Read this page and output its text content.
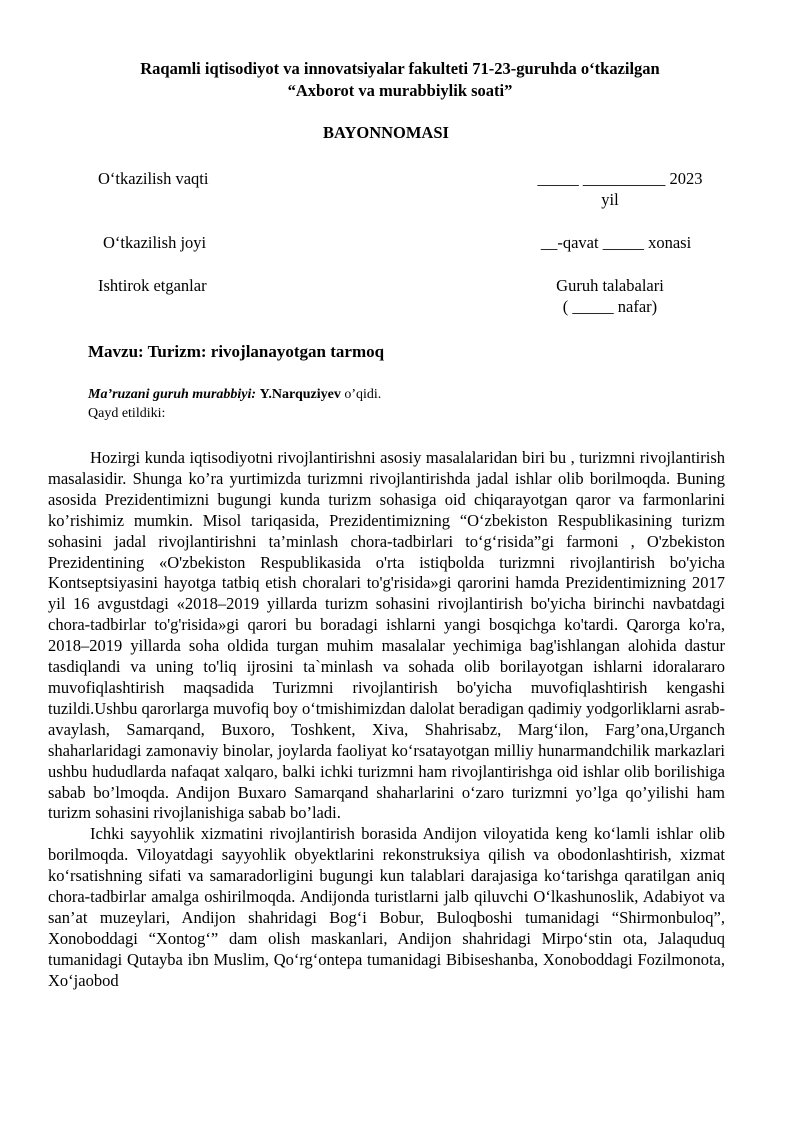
Raqamli iqtisodiyot va innovatsiyalar fakulteti 71-23-guruhda o‘tkazilgan
“Axborot va murabbiylik soati”
BAYONNOMASI
O‘tkazilish vaqti	_____ __________ 2023
yil
O‘tkazilish joyi	__-qavat _____ xonasi
Ishtirok etganlar	Guruh talabalari
( _____ nafar)
Mavzu: Turizm: rivojlanayotgan tarmoq
Ma’ruzani guruh murabbiyi: Y.Narquziyev o’qidi.
Qayd etildiki:

Hozirgi kunda iqtisodiyotni rivojlantirishni asosiy masalalaridan biri bu , turizmni rivojlantirish masalasidir. Shunga ko’ra yurtimizda turizmni rivojlantirishda jadal ishlar olib borilmoqda. Buning asosida Prezidentimizni bugungi kunda turizm sohasiga oid chiqarayotgan qaror va farmonlarini ko’rishimiz mumkin. Misol tariqasida, Prezidentimizning “O‘zbekiston Respublikasining turizm sohasini jadal rivojlantirishni ta’minlash chora-tadbirlari to‘g‘risida”gi farmoni , O'zbekiston Prezidentining «O'zbekiston Respublikasida o'rta istiqbolda turizmni rivojlantirish bo'yicha Kontseptsiyasini hayotga tatbiq etish choralari to'g'risida»gi qarorini hamda Prezidentimizning 2017 yil 16 avgustdagi «2018–2019 yillarda turizm sohasini rivojlantirish bo'yicha birinchi navbatdagi chora-tadbirlar to'g'risida»gi qarori bu boradagi ishlarni yangi bosqichga ko'tardi. Qarorga ko'ra, 2018–2019 yillarda soha oldida turgan muhim masalalar yechimiga bag'ishlangan alohida dastur tasdiqlandi va uning to'liq ijrosini ta`minlash va sohada olib borilayotgan ishlarni idoralararo muvofiqlashtirish maqsadida Turizmni rivojlantirish bo'yicha muvofiqlashtirish kengashi tuzildi.Ushbu qarorlarga muvofiq boy o‘tmishimizdan dalolat beradigan qadimiy yodgorliklarni asrab-avaylash, Samarqand, Buxoro, Toshkent, Xiva, Shahrisabz, Marg‘ilon, Farg’ona,Urganch shaharlaridagi zamonaviy binolar, joylarda faoliyat ko‘rsatayotgan milliy hunarmandchilik markazlari ushbu hududlarda nafaqat xalqaro, balki ichki turizmni ham rivojlantirishga oid ishlar olib borilishiga sabab bo’lmoqda. Andijon Buxaro Samarqand shaharlarini o‘zaro turizmni yo’lga qo’yilishi ham turizm sohasini rivojlanishiga sabab bo’ladi.

Ichki sayyohlik xizmatini rivojlantirish borasida Andijon viloyatida keng ko‘lamli ishlar olib borilmoqda. Viloyatdagi sayyohlik obyektlarini rekonstruksiya qilish va obodonlashtirish, xizmat ko‘rsatishning sifati va samaradorligini bugungi kun talablari darajasiga ko‘tarishga qaratilgan aniq chora-tadbirlar amalga oshirilmoqda. Andijonda turistlarni jalb qiluvchi O‘lkashunoslik, Adabiyot va san’at muzeylari, Andijon shahridagi Bog‘i Bobur, Buloqboshi tumanidagi “Shirmonbuloq”, Xonoboddagi “Xontog‘” dam olish maskanlari, Andijon shahridagi Mirpo‘stin ota, Jalaquduq tumanidagi Qutayba ibn Muslim, Qo‘rg‘ontepa tumanidagi Bibiseshanba, Xonoboddagi Fozilmonota, Xo‘jaobod
